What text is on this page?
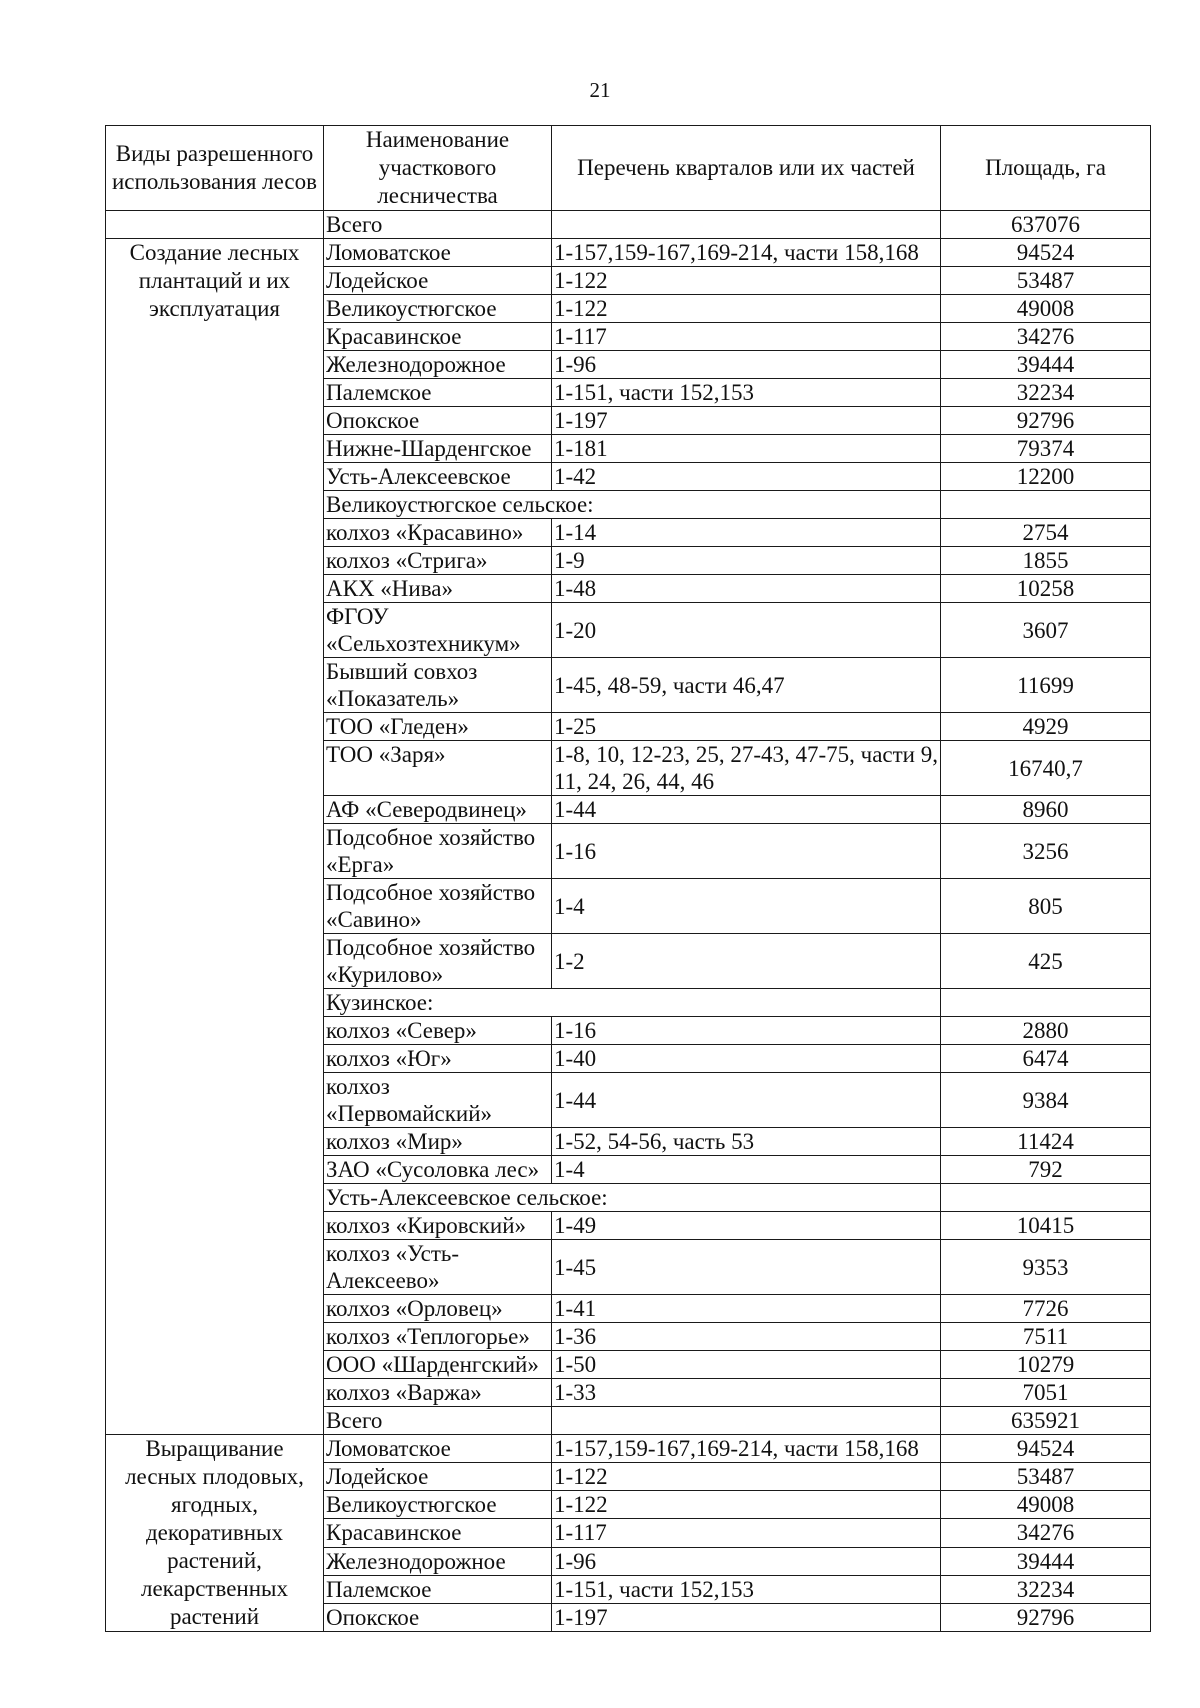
21
Виды разрешенного использования лесов	Наименование участкового лесничества	Перечень кварталов или их частей	Площадь, га
	Всего		637076
Создание лесных плантаций и их эксплуатация	Ломоватское	1-157,159-167,169-214, части 158,168	94524
	Лодейское	1-122	53487
	Великоустюгское	1-122	49008
	Красавинское	1-117	34276
	Железнодорожное	1-96	39444
	Палемское	1-151, части 152,153	32234
	Опокское	1-197	92796
	Нижне-Шарденгское	1-181	79374
	Усть-Алексеевское	1-42	12200
	Великоустюгское сельское:		
	колхоз «Красавино»	1-14	2754
	колхоз «Стрига»	1-9	1855
	АКХ «Нива»	1-48	10258
	ФГОУ «Сельхозтехникум»	1-20	3607
	Бывший совхоз «Показатель»	1-45, 48-59, части 46,47	11699
	ТОО «Гледен»	1-25	4929
	ТОО «Заря»	1-8, 10, 12-23, 25, 27-43, 47-75, части 9, 11, 24, 26, 44, 46	16740,7
	АФ «Северодвинец»	1-44	8960
	Подсобное хозяйство «Ерга»	1-16	3256
	Подсобное хозяйство «Савино»	1-4	805
	Подсобное хозяйство «Курилово»	1-2	425
	Кузинское:		
	колхоз «Север»	1-16	2880
	колхоз «Юг»	1-40	6474
	колхоз «Первомайский»	1-44	9384
	колхоз «Мир»	1-52, 54-56, часть 53	11424
	ЗАО «Сусоловка лес»	1-4	792
	Усть-Алексеевское сельское:		
	колхоз «Кировский»	1-49	10415
	колхоз «Усть-Алексеево»	1-45	9353
	колхоз «Орловец»	1-41	7726
	колхоз «Теплогорье»	1-36	7511
	ООО «Шарденгский»	1-50	10279
	колхоз «Варжа»	1-33	7051
	Всего		635921
Выращивание лесных плодовых, ягодных, декоративных растений, лекарственных растений	Ломоватское	1-157,159-167,169-214, части 158,168	94524
	Лодейское	1-122	53487
	Великоустюгское	1-122	49008
	Красавинское	1-117	34276
	Железнодорожное	1-96	39444
	Палемское	1-151, части 152,153	32234
	Опокское	1-197	92796
